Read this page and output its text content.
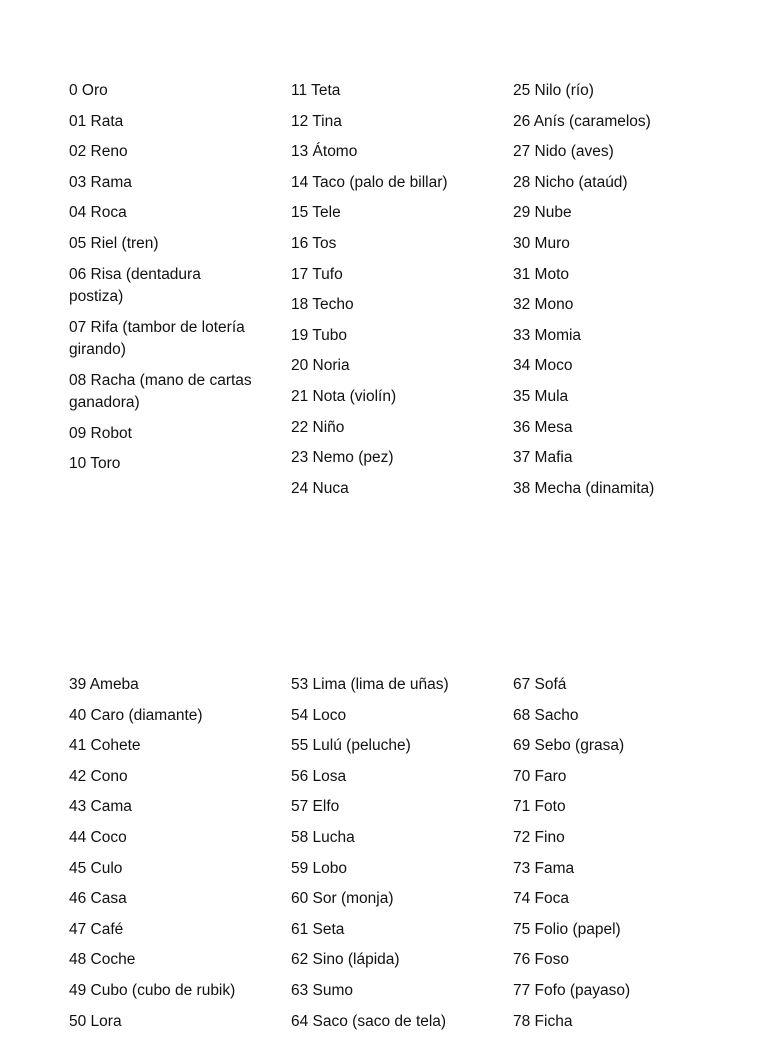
0 Oro
01 Rata
02 Reno
03 Rama
04 Roca
05 Riel (tren)
06 Risa (dentadura postiza)
07 Rifa (tambor de lotería girando)
08 Racha (mano de cartas ganadora)
09 Robot
10 Toro
11 Teta
12 Tina
13 Átomo
14 Taco (palo de billar)
15 Tele
16 Tos
17 Tufo
18 Techo
19 Tubo
20 Noria
21 Nota (violín)
22 Niño
23 Nemo (pez)
24 Nuca
25 Nilo (río)
26 Anís (caramelos)
27 Nido (aves)
28 Nicho (ataúd)
29 Nube
30 Muro
31 Moto
32 Mono
33 Momia
34 Moco
35 Mula
36 Mesa
37 Mafia
38 Mecha (dinamita)
39 Ameba
40 Caro (diamante)
41 Cohete
42 Cono
43 Cama
44 Coco
45 Culo
46 Casa
47 Café
48 Coche
49 Cubo (cubo de rubik)
50 Lora
53 Lima (lima de uñas)
54 Loco
55 Lulú (peluche)
56 Losa
57 Elfo
58 Lucha
59 Lobo
60 Sor (monja)
61 Seta
62 Sino (lápida)
63 Sumo
64 Saco (saco de tela)
67 Sofá
68 Sacho
69 Sebo (grasa)
70 Faro
71 Foto
72 Fino
73 Fama
74 Foca
75 Folio (papel)
76 Foso
77 Fofo (payaso)
78 Ficha
